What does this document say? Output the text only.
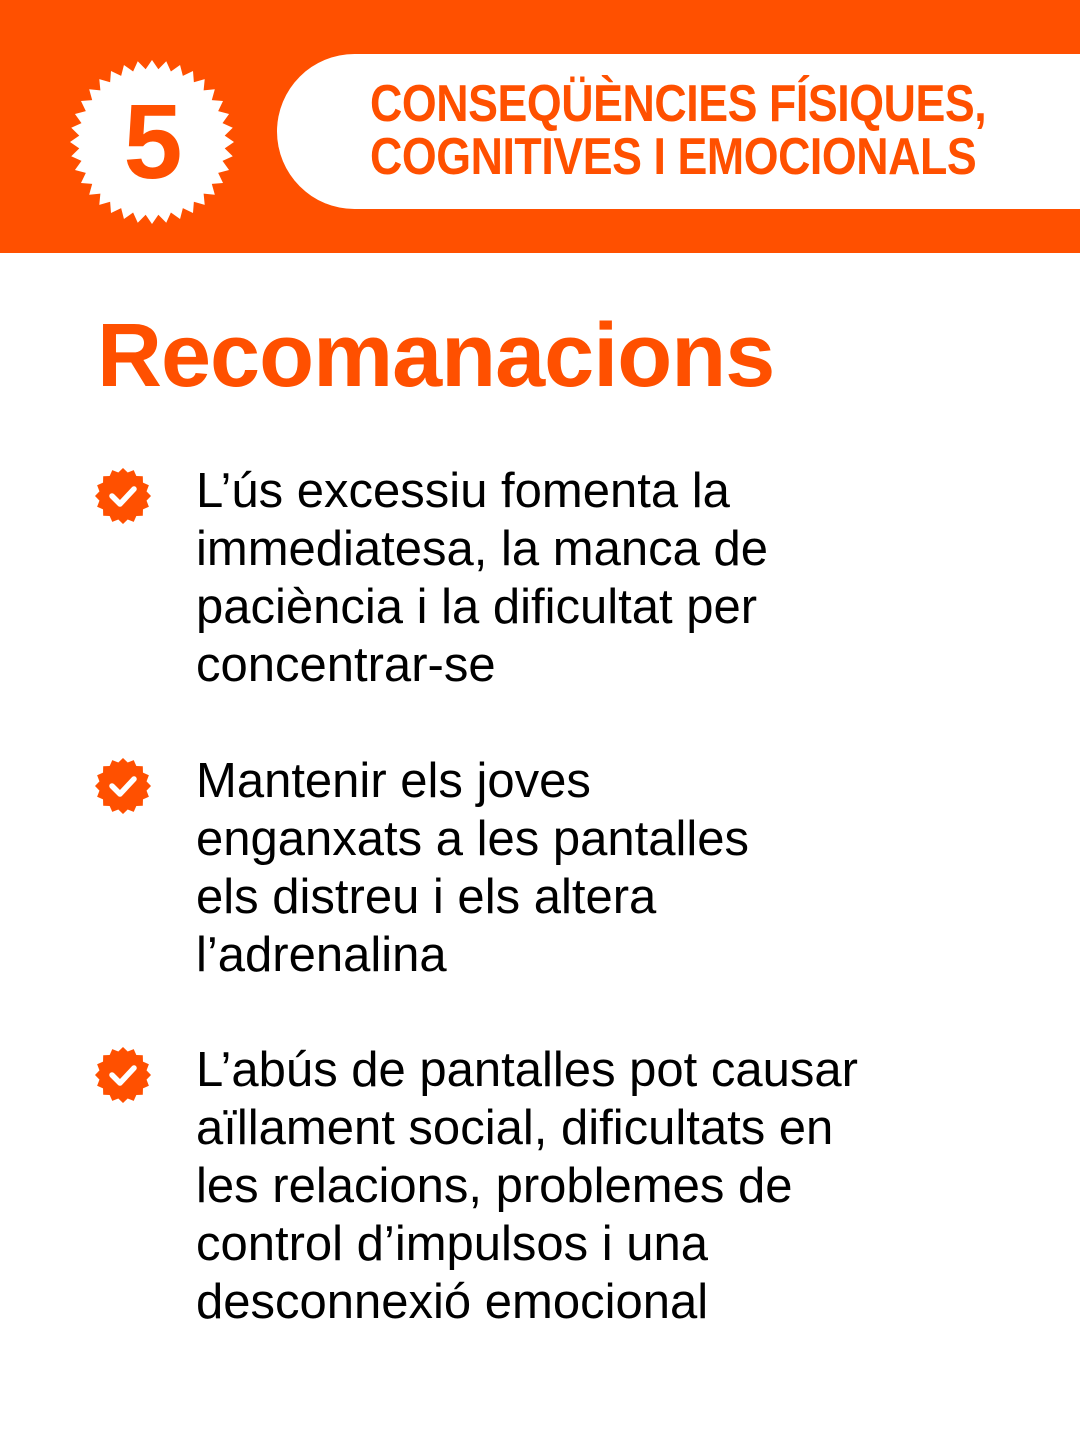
5	CONSEQÜÈNCIES FÍSIQUES,
COGNITIVES I EMOCIONALS
Recomanacions
L’ús excessiu fomenta la
immediatesa, la manca de
paciència i la dificultat per
concentrar-se
Mantenir els joves
enganxats a les pantalles
els distreu i els altera
l’adrenalina
L’abús de pantalles pot causar
aïllament social, dificultats en
les relacions, problemes de
control d’impulsos i una
desconnexió emocional
